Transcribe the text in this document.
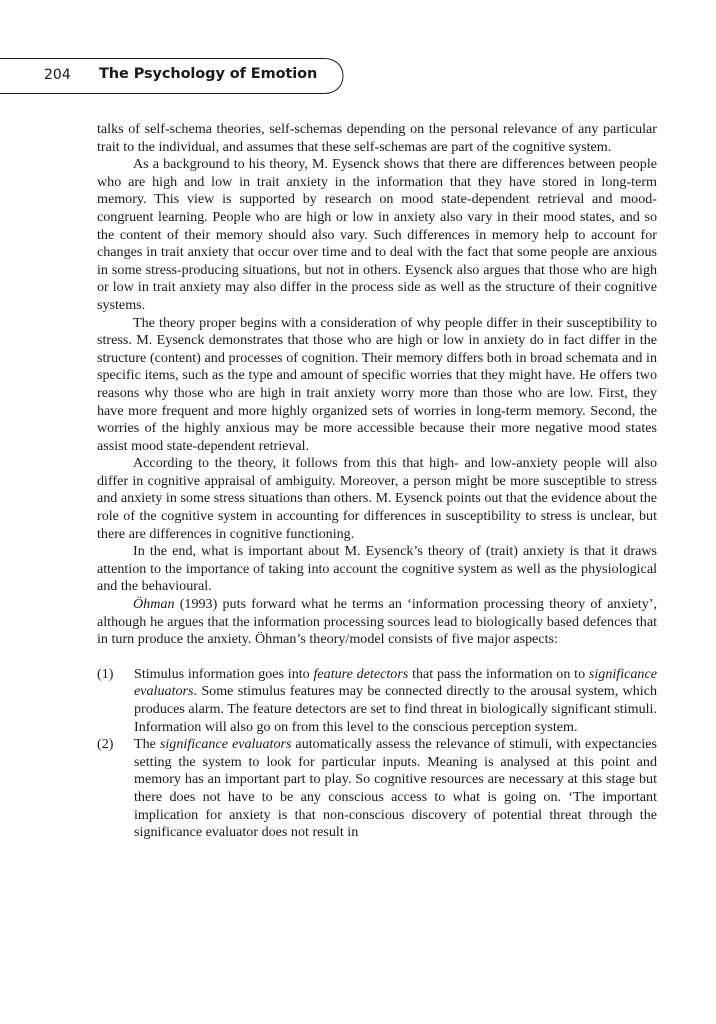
204 The Psychology of Emotion

talks of self-schema theories, self-schemas depending on the personal relevance of any particular trait to the individual, and assumes that these self-schemas are part of the cognitive system.

As a background to his theory, M. Eysenck shows that there are differences between people who are high and low in trait anxiety in the information that they have stored in long-term memory. This view is supported by research on mood state-dependent retrieval and mood-congruent learning. People who are high or low in anxiety also vary in their mood states, and so the content of their memory should also vary. Such differences in memory help to account for changes in trait anxiety that occur over time and to deal with the fact that some people are anxious in some stress-producing situations, but not in others. Eysenck also argues that those who are high or low in trait anxiety may also differ in the process side as well as the structure of their cognitive systems.

The theory proper begins with a consideration of why people differ in their susceptibility to stress. M. Eysenck demonstrates that those who are high or low in anxiety do in fact differ in the structure (content) and processes of cognition. Their memory differs both in broad schemata and in specific items, such as the type and amount of specific worries that they might have. He offers two reasons why those who are high in trait anxiety worry more than those who are low. First, they have more frequent and more highly organized sets of worries in long-term memory. Second, the worries of the highly anxious may be more accessible because their more negative mood states assist mood state-dependent retrieval.

According to the theory, it follows from this that high- and low-anxiety people will also differ in cognitive appraisal of ambiguity. Moreover, a person might be more susceptible to stress and anxiety in some stress situations than others. M. Eysenck points out that the evidence about the role of the cognitive system in accounting for differences in susceptibility to stress is unclear, but there are differences in cognitive functioning.

In the end, what is important about M. Eysenck’s theory of (trait) anxiety is that it draws attention to the importance of taking into account the cognitive system as well as the physiological and the behavioural.

Öhman (1993) puts forward what he terms an ‘information processing theory of anxiety’, although he argues that the information processing sources lead to biologically based defences that in turn produce the anxiety. Öhman’s theory/model consists of five major aspects:

(1) Stimulus information goes into feature detectors that pass the information on to significance evaluators. Some stimulus features may be connected directly to the arousal system, which produces alarm. The feature detectors are set to find threat in biologically significant stimuli. Information will also go on from this level to the conscious perception system.
(2) The significance evaluators automatically assess the relevance of stimuli, with expectancies setting the system to look for particular inputs. Meaning is analysed at this point and memory has an important part to play. So cognitive resources are necessary at this stage but there does not have to be any conscious access to what is going on. ‘The important implication for anxiety is that non-conscious discovery of potential threat through the significance evaluator does not result in
